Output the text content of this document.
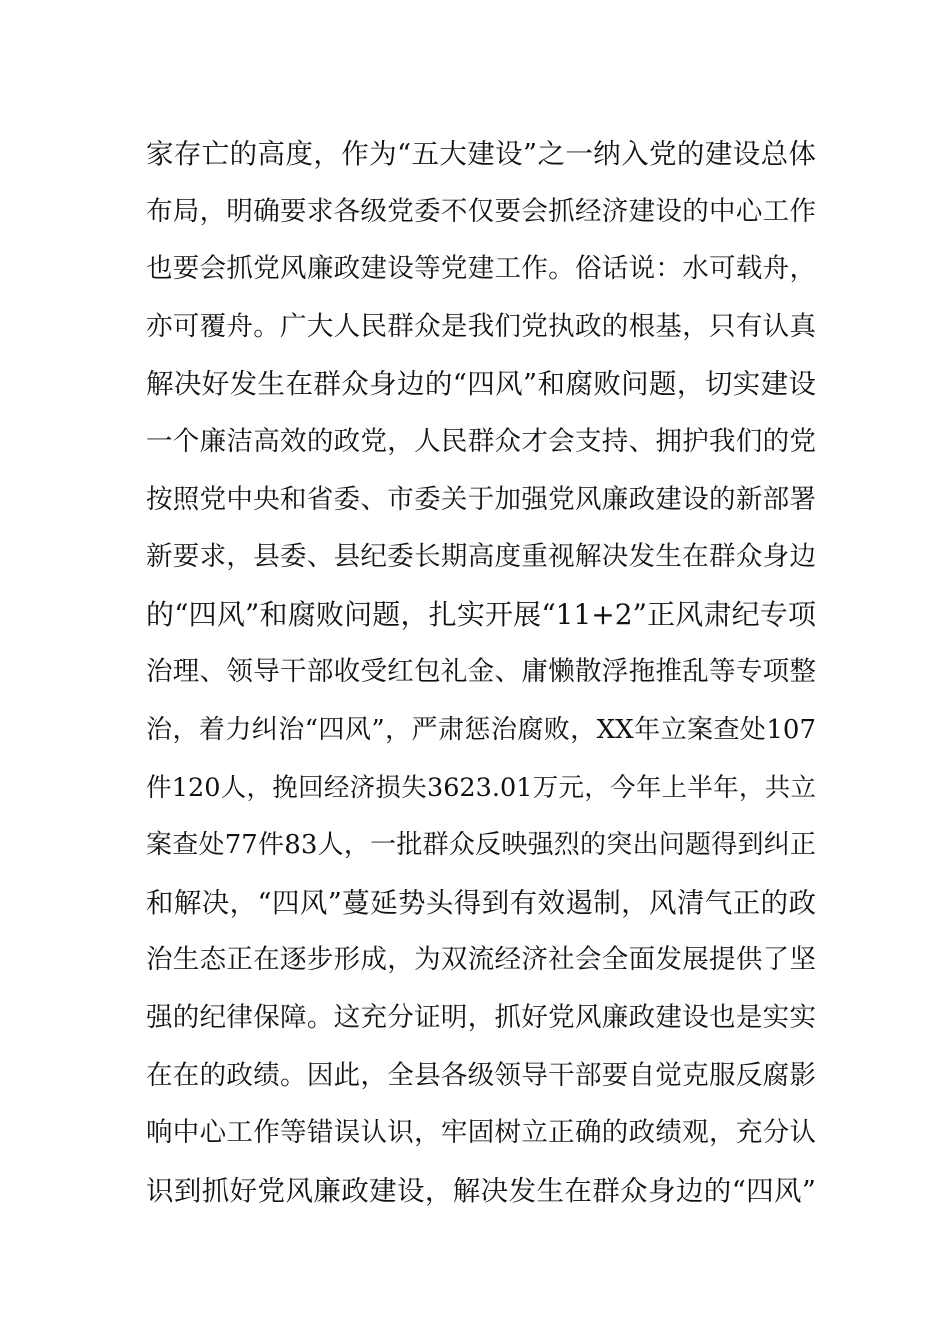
家存亡的高度，作为“五大建设”之一纳入党的建设总体
布局，明确要求各级党委不仅要会抓经济建设的中心工作
也要会抓党风廉政建设等党建工作。俗话说：水可载舟，
亦可覆舟。广大人民群众是我们党执政的根基，只有认真
解决好发生在群众身边的“四风”和腐败问题，切实建设
一个廉洁高效的政党，人民群众才会支持、拥护我们的党
按照党中央和省委、市委关于加强党风廉政建设的新部署
新要求，县委、县纪委长期高度重视解决发生在群众身边
的“四风”和腐败问题，扎实开展“11+2”正风肃纪专项
治理、领导干部收受红包礼金、庸懒散浮拖推乱等专项整
治，着力纠治“四风”，严肃惩治腐败，XX年立案查处107
件120人，挽回经济损失3623.01万元，今年上半年，共立
案查处77件83人，一批群众反映强烈的突出问题得到纠正
和解决，“四风”蔓延势头得到有效遏制，风清气正的政
治生态正在逐步形成，为双流经济社会全面发展提供了坚
强的纪律保障。这充分证明，抓好党风廉政建设也是实实
在在的政绩。因此，全县各级领导干部要自觉克服反腐影
响中心工作等错误认识，牢固树立正确的政绩观，充分认
识到抓好党风廉政建设，解决发生在群众身边的“四风”
